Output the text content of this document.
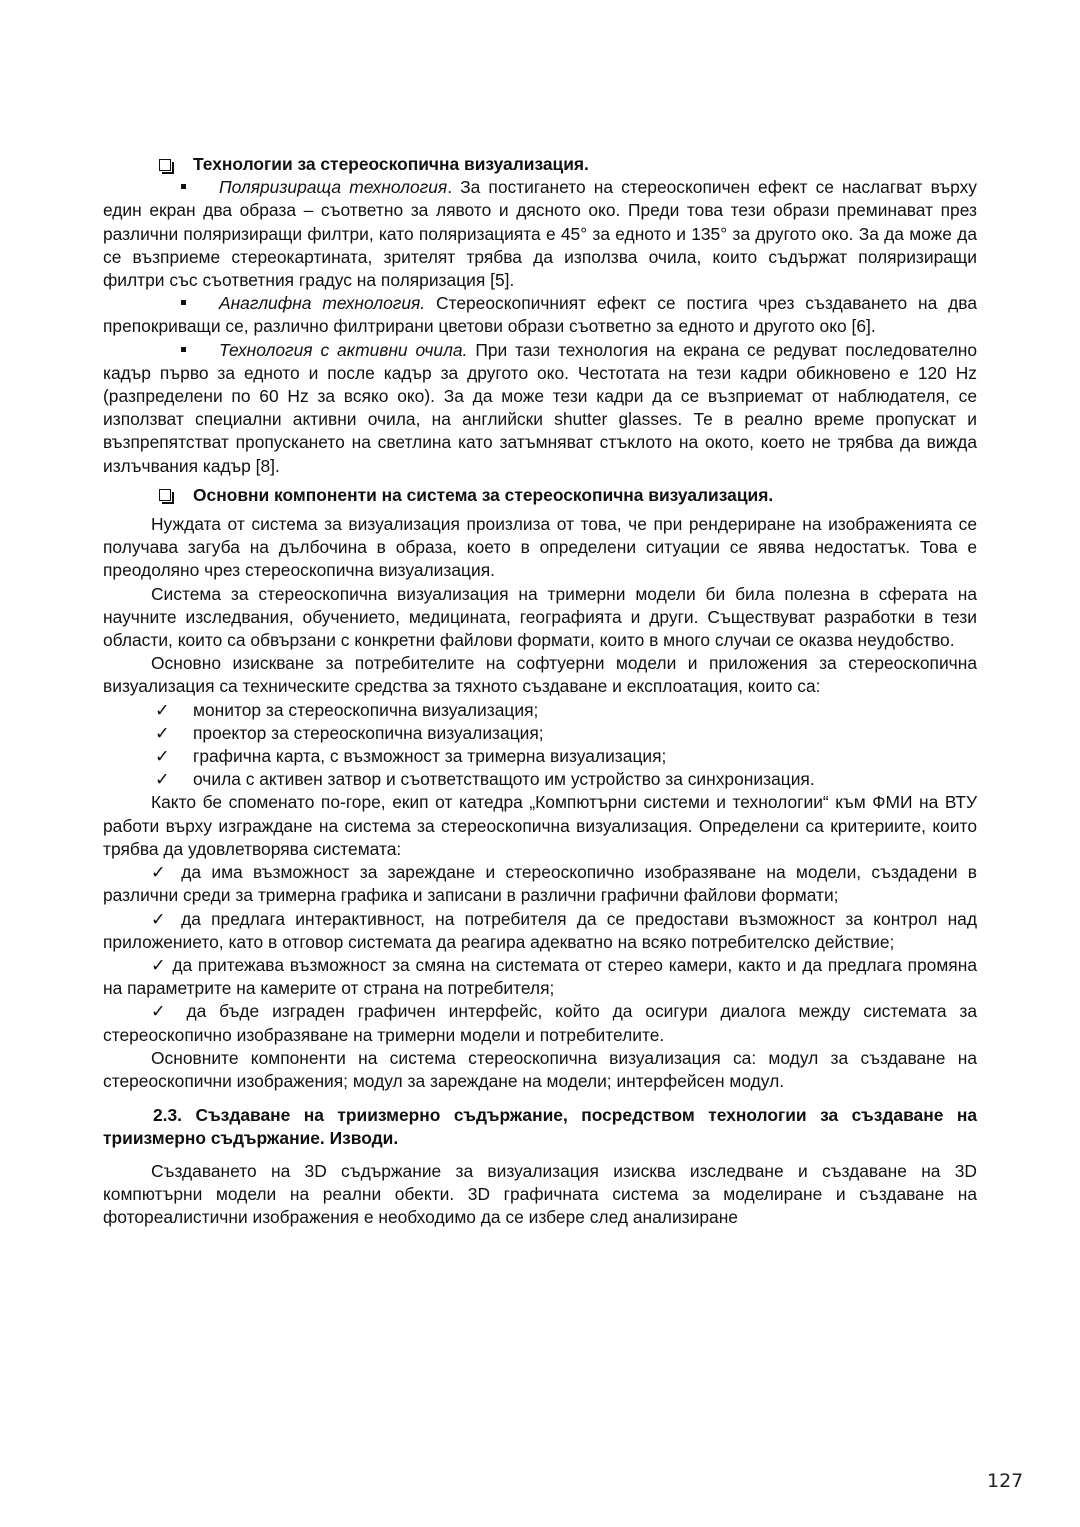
Технологии за стереоскопична визуализация.

Поляризираща технология. За постигането на стереоскопичен ефект се наслагват върху един екран два образа – съответно за лявото и дясното око. Преди това тези образи преминават през различни поляризиращи филтри, като поляризацията е 45° за едното и 135° за другото око. За да може да се възприеме стереокартината, зрителят трябва да използва очила, които съдържат поляризиращи филтри със съответния градус на поляризация [5].

Анаглифна технология. Стереоскопичният ефект се постига чрез създаването на два препокриващи се, различно филтрирани цветови образи съответно за едното и другото око [6].

Технология с активни очила. При тази технология на екрана се редуват последователно кадър първо за едното и после кадър за другото око. Честотата на тези кадри обикновено е 120 Hz (разпределени по 60 Hz за всяко око). За да може тези кадри да се възприемат от наблюдателя, се използват специални активни очила, на английски shutter glasses. Те в реално време пропускат и възпрепятстват пропускането на светлина като затъмняват стъклото на окото, което не трябва да вижда излъчвания кадър [8].

Основни компоненти на система за стереоскопична визуализация.

Нуждата от система за визуализация произлиза от това, че при рендериране на изображенията се получава загуба на дълбочина в образа, което в определени ситуации се явява недостатък. Това е преодоляно чрез стереоскопична визуализация.

Система за стереоскопична визуализация на тримерни модели би била полезна в сферата на научните изследвания, обучението, медицината, географията и други. Съществуват разработки в тези области, които са обвързани с конкретни файлови формати, които в много случаи се оказва неудобство.

Основно изискване за потребителите на софтуерни модели и приложения за стереоскопична визуализация са техническите средства за тяхното създаване и експлоатация, които са:

✓ монитор за стереоскопична визуализация;

✓ проектор за стереоскопична визуализация;

✓ графична карта, с възможност за тримерна визуализация;

✓ очила с активен затвор и съответстващото им устройство за синхронизация.

Както бе споменато по-горе, екип от катедра „Компютърни системи и технологии“ към ФМИ на ВТУ работи върху изграждане на система за стереоскопична визуализация. Определени са критериите, които трябва да удовлетворява системата:

✓ да има възможност за зареждане и стереоскопично изобразяване на модели, създадени в различни среди за тримерна графика и записани в различни графични файлови формати;

✓ да предлага интерактивност, на потребителя да се предостави възможност за контрол над приложението, като в отговор системата да реагира адекватно на всяко потребителско действие;

✓ да притежава възможност за смяна на системата от стерео камери, както и да предлага промяна на параметрите на камерите от страна на потребителя;

✓ да бъде изграден графичен интерфейс, който да осигури диалога между системата за стереоскопично изобразяване на тримерни модели и потребителите.

Основните компоненти на система стереоскопична визуализация са: модул за създаване на стереоскопични изображения; модул за зареждане на модели; интерфейсен модул.

2.3. Създаване на триизмерно съдържание, посредством технологии за създаване на триизмерно съдържание. Изводи.

Създаването на 3D съдържание за визуализация изисква изследване и създаване на 3D компютърни модели на реални обекти. 3D графичната система за моделиране и създаване на фотореалистични изображения е необходимо да се избере след анализиране

127
